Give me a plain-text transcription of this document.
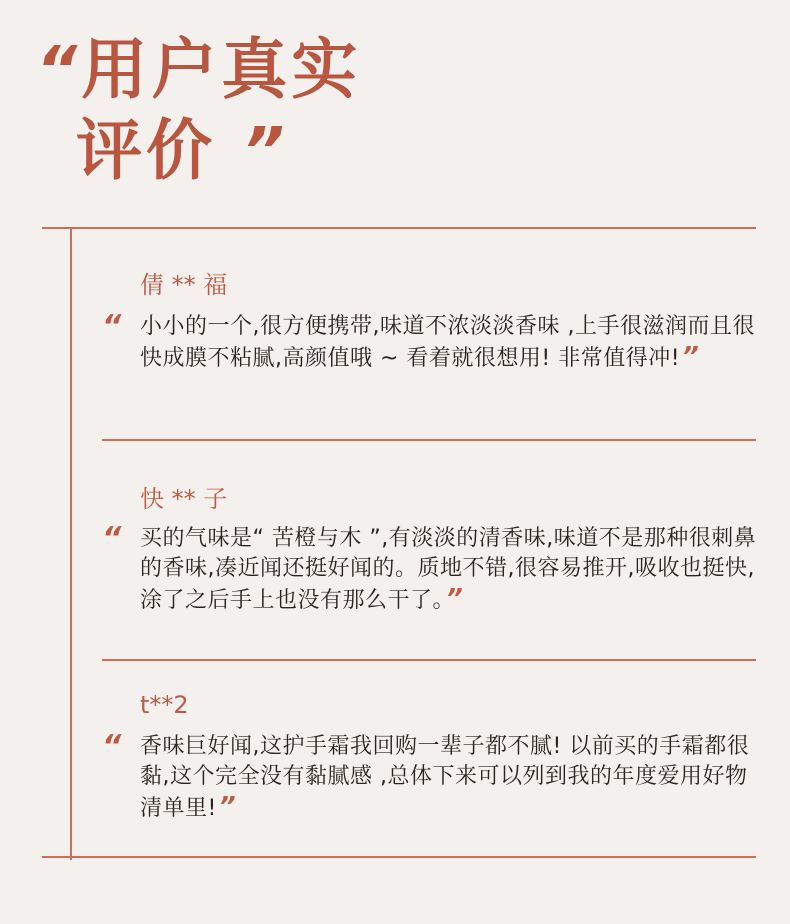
“用户真实
评价 ”
倩 ** 福
“ 小小的一个,很方便携带,味道不浓淡淡香味 ,上手很滋润而且很快成膜不粘腻,高颜值哦 ~ 看着就很想用! 非常值得冲!”
快 ** 子
“ 买的气味是“ 苦橙与木 ”,有淡淡的清香味,味道不是那种很刺鼻的香味,凑近闻还挺好闻的。质地不错,很容易推开,吸收也挺快,涂了之后手上也没有那么干了。”
t**2
“ 香味巨好闻,这护手霜我回购一辈子都不腻! 以前买的手霜都很黏,这个完全没有黏腻感 ,总体下来可以列到我的年度爱用好物清单里!”
